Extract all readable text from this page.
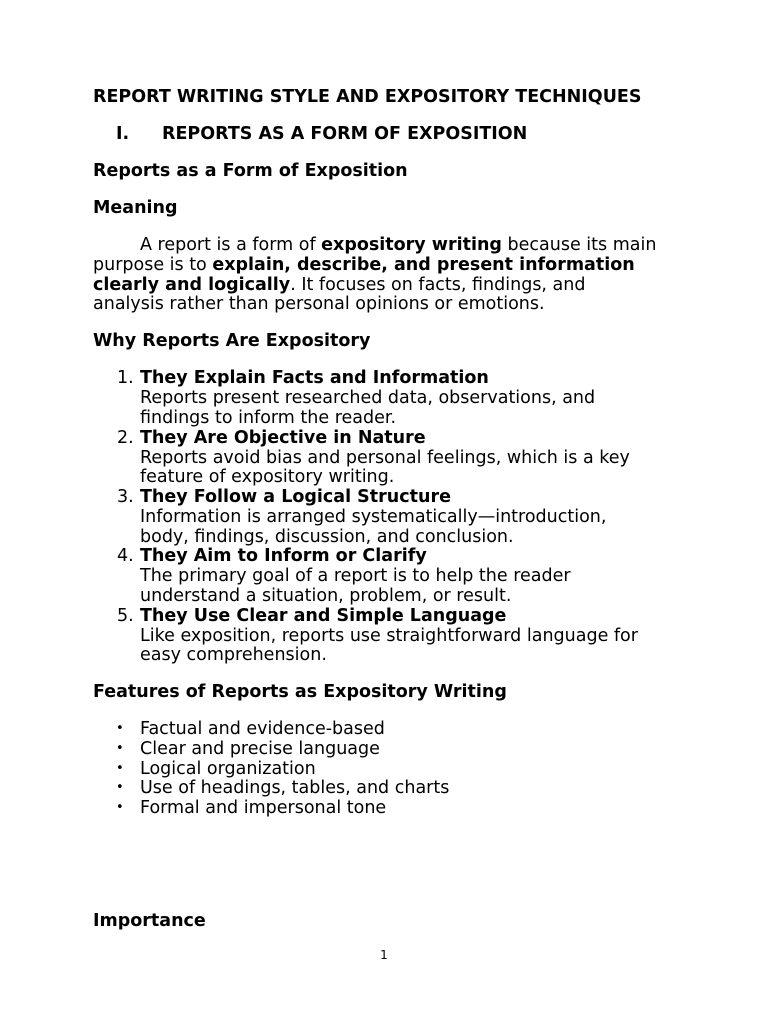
REPORT WRITING STYLE AND EXPOSITORY TECHNIQUES
I. REPORTS AS A FORM OF EXPOSITION
Reports as a Form of Exposition
Meaning
A report is a form of expository writing because its main
purpose is to explain, describe, and present information
clearly and logically. It focuses on facts, findings, and
analysis rather than personal opinions or emotions.
Why Reports Are Expository
1. They Explain Facts and Information
Reports present researched data, observations, and
findings to inform the reader.
2. They Are Objective in Nature
Reports avoid bias and personal feelings, which is a key
feature of expository writing.
3. They Follow a Logical Structure
Information is arranged systematically—introduction,
body, findings, discussion, and conclusion.
4. They Aim to Inform or Clarify
The primary goal of a report is to help the reader
understand a situation, problem, or result.
5. They Use Clear and Simple Language
Like exposition, reports use straightforward language for
easy comprehension.
Features of Reports as Expository Writing
• Factual and evidence-based
• Clear and precise language
• Logical organization
• Use of headings, tables, and charts
• Formal and impersonal tone
Importance
1
